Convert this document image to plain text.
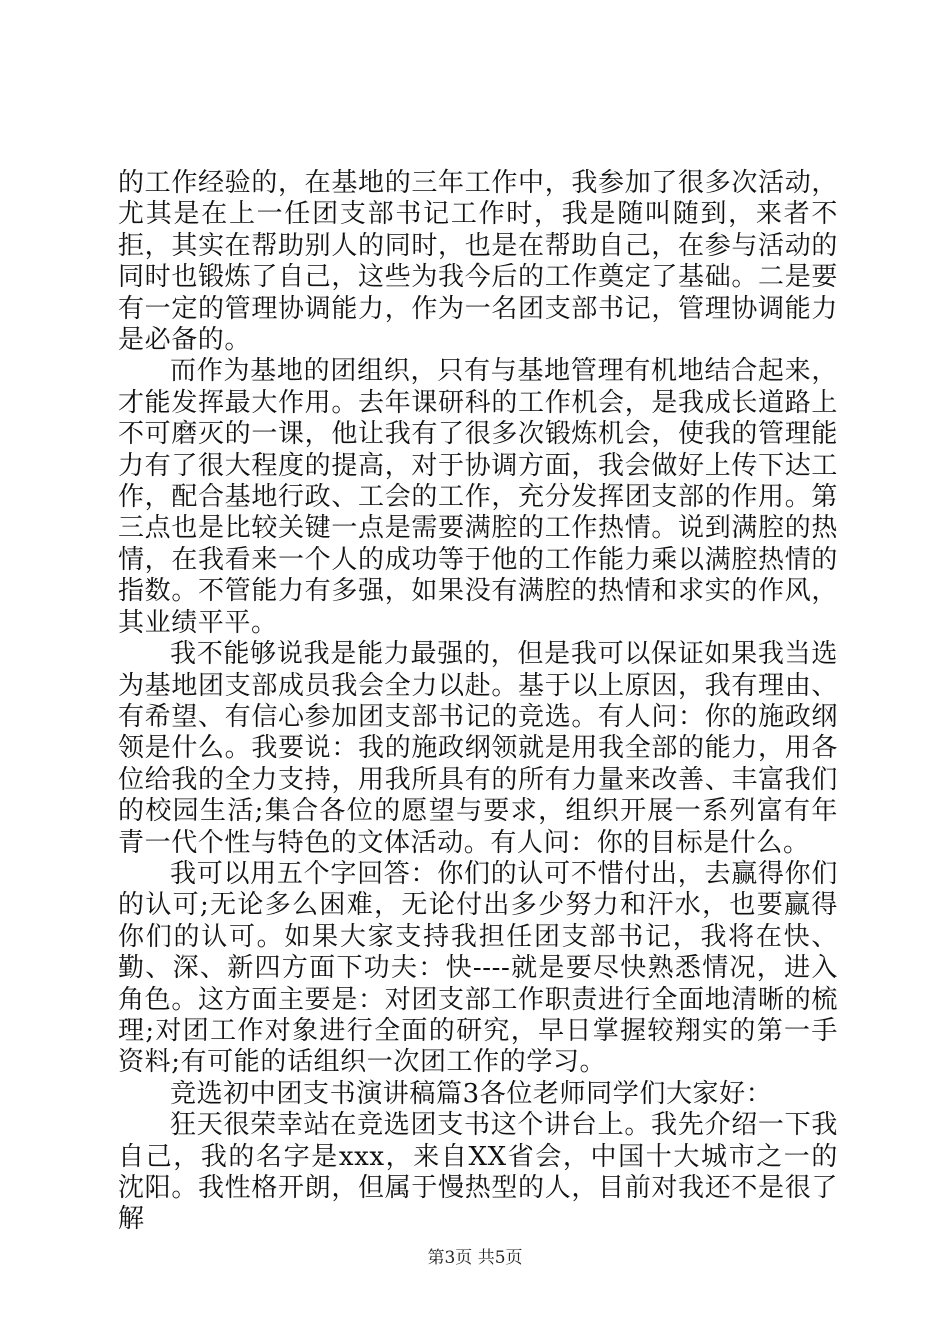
的工作经验的，在基地的三年工作中，我参加了很多次活动，尤其是在上一任团支部书记工作时，我是随叫随到，来者不拒，其实在帮助别人的同时，也是在帮助自己，在参与活动的同时也锻炼了自己，这些为我今后的工作奠定了基础。二是要有一定的管理协调能力，作为一名团支部书记，管理协调能力是必备的。

而作为基地的团组织，只有与基地管理有机地结合起来，才能发挥最大作用。去年课研科的工作机会，是我成长道路上不可磨灭的一课，他让我有了很多次锻炼机会，使我的管理能力有了很大程度的提高，对于协调方面，我会做好上传下达工作，配合基地行政、工会的工作，充分发挥团支部的作用。第三点也是比较关键一点是需要满腔的工作热情。说到满腔的热情，在我看来一个人的成功等于他的工作能力乘以满腔热情的指数。不管能力有多强，如果没有满腔的热情和求实的作风，其业绩平平。

我不能够说我是能力最强的，但是我可以保证如果我当选为基地团支部成员我会全力以赴。基于以上原因，我有理由、有希望、有信心参加团支部书记的竞选。有人问：你的施政纲领是什么。我要说：我的施政纲领就是用我全部的能力，用各位给我的全力支持，用我所具有的所有力量来改善、丰富我们的校园生活;集合各位的愿望与要求，组织开展一系列富有年青一代个性与特色的文体活动。有人问：你的目标是什么。

我可以用五个字回答：你们的认可不惜付出，去赢得你们的认可;无论多么困难，无论付出多少努力和汗水，也要赢得你们的认可。如果大家支持我担任团支部书记，我将在快、勤、深、新四方面下功夫：快----就是要尽快熟悉情况，进入角色。这方面主要是：对团支部工作职责进行全面地清晰的梳理;对团工作对象进行全面的研究，早日掌握较翔实的第一手资料;有可能的话组织一次团工作的学习。

竞选初中团支书演讲稿篇3各位老师同学们大家好：

狂天很荣幸站在竞选团支书这个讲台上。我先介绍一下我自己，我的名字是xxx，来自XX省会，中国十大城市之一的沈阳。我性格开朗，但属于慢热型的人，目前对我还不是很了解

第3页 共5页
